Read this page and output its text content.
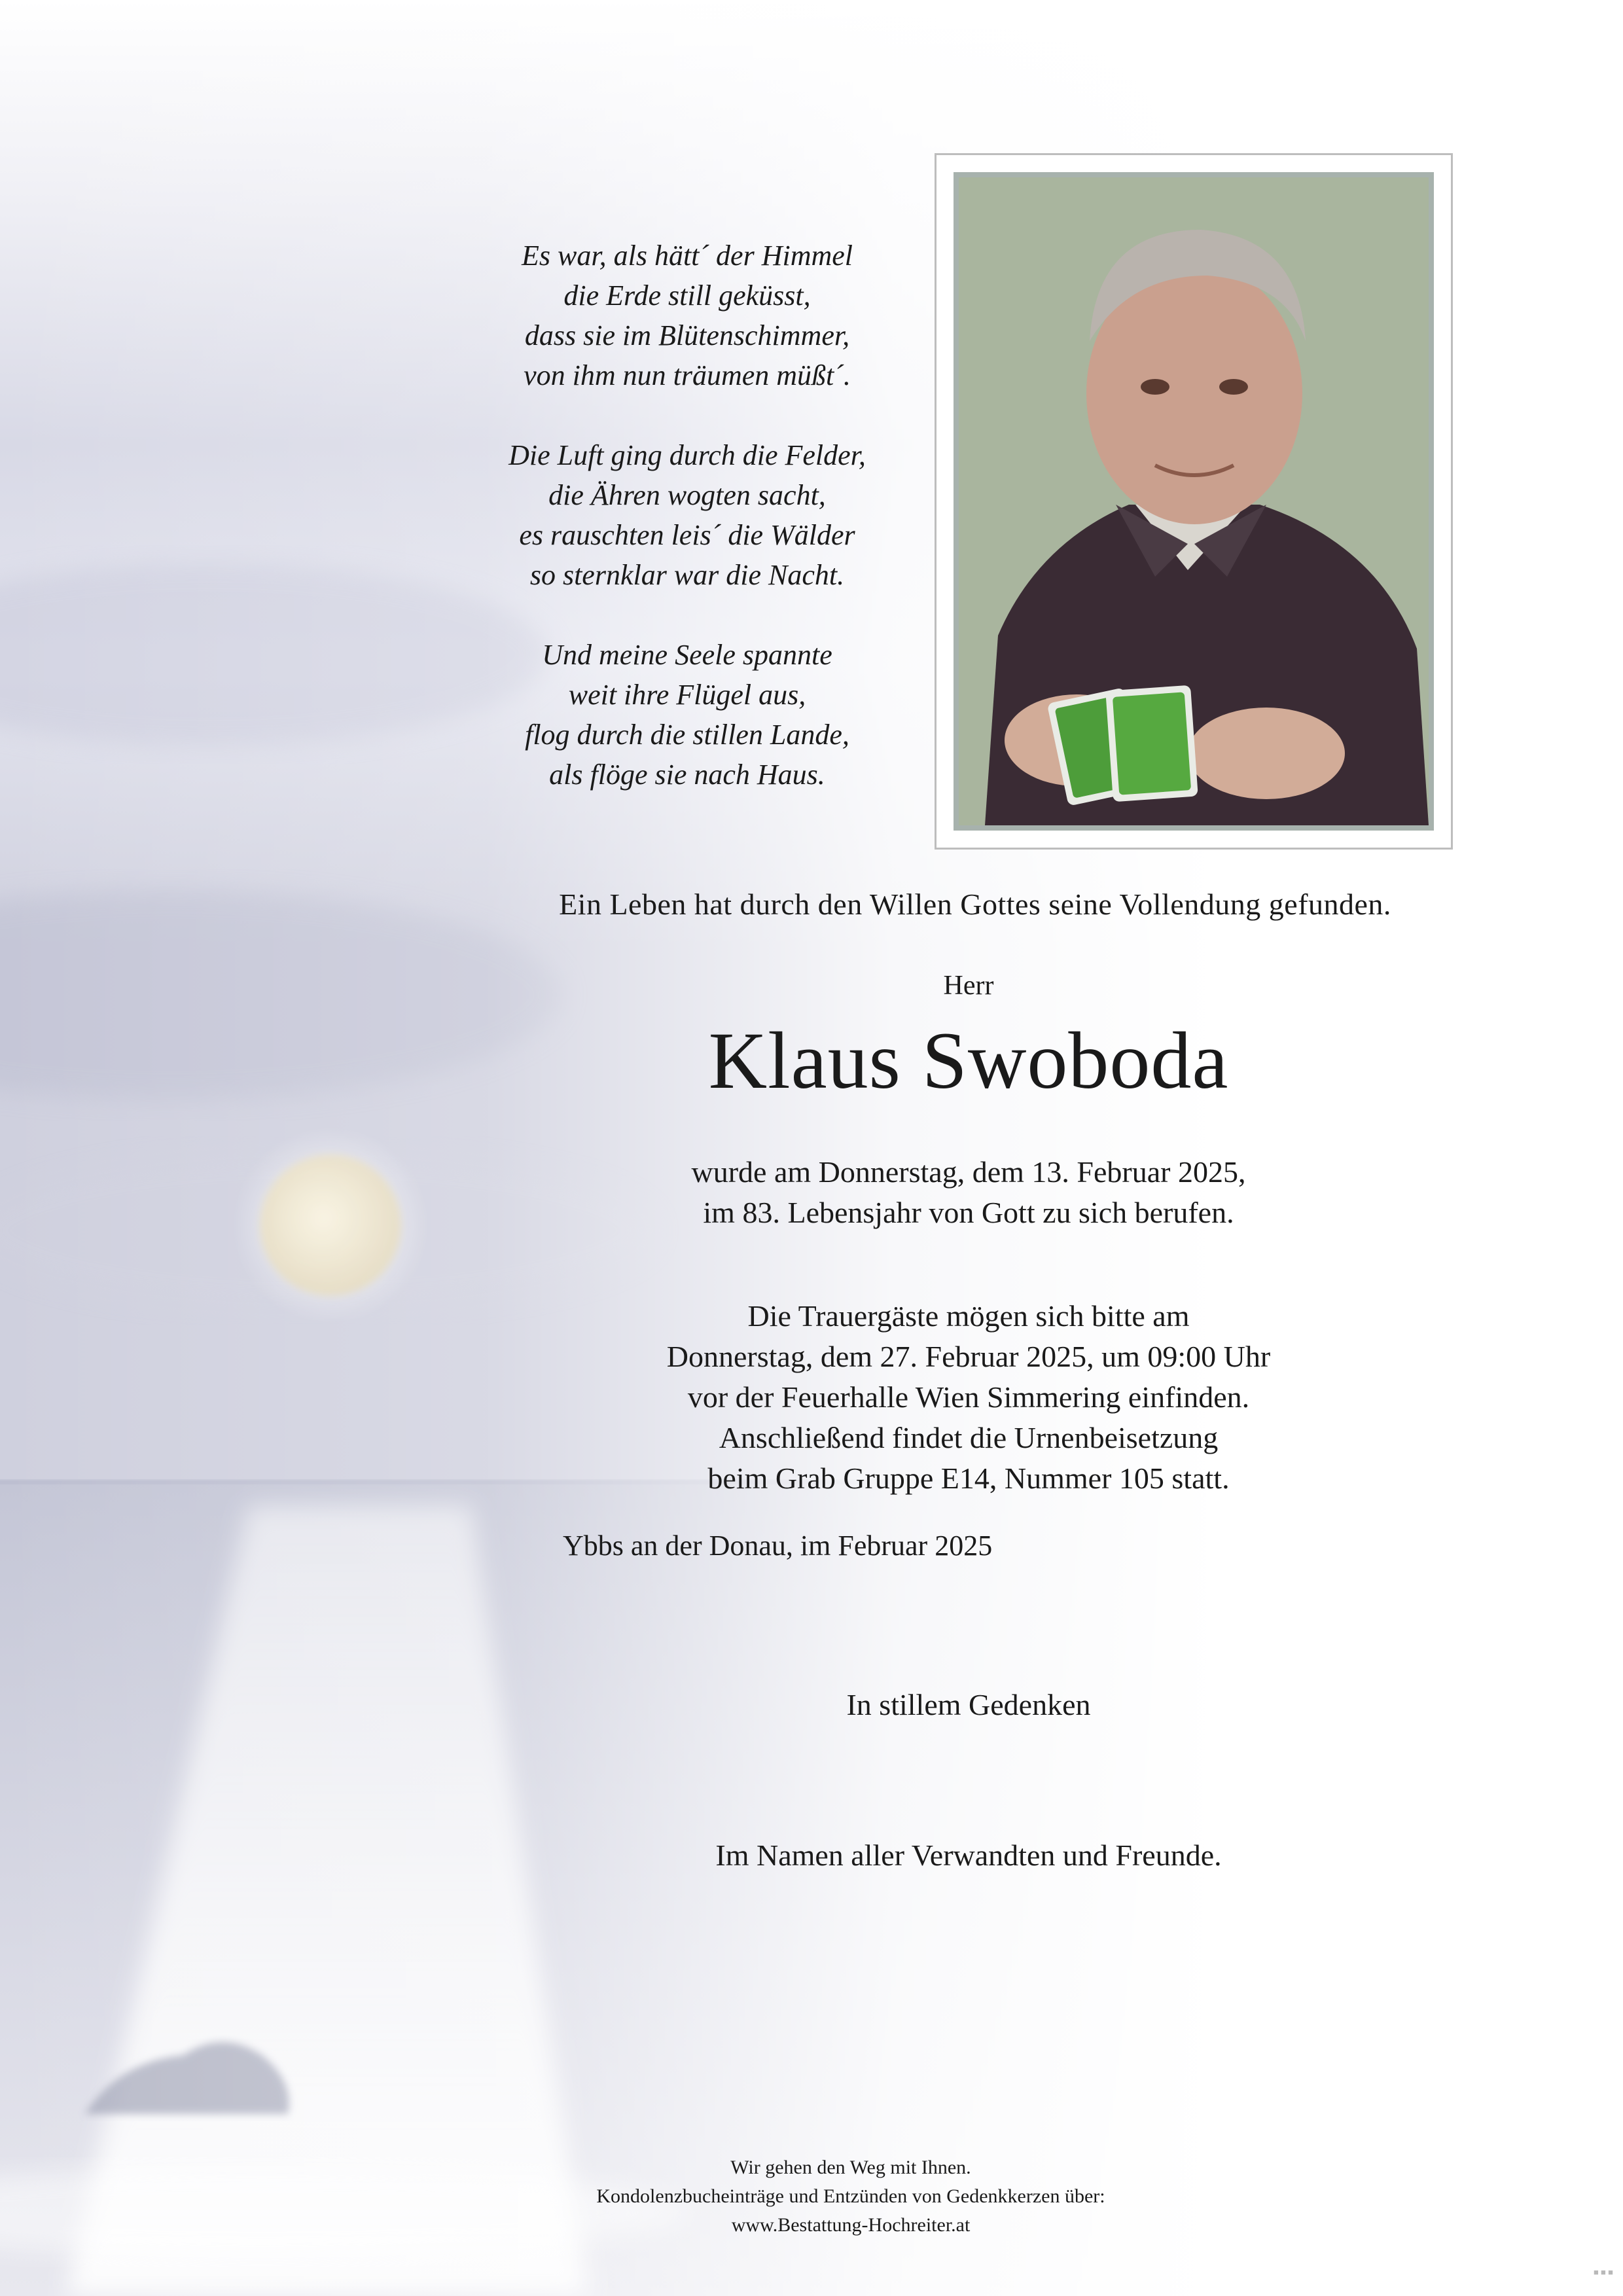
Es war, als hätt´ der Himmel
die Erde still geküsst,
dass sie im Blütenschimmer,
von ihm nun träumen müßt´.
Die Luft ging durch die Felder,
die Ähren wogten sacht,
es rauschten leis´ die Wälder
so sternklar war die Nacht.
Und meine Seele spannte
weit ihre Flügel aus,
flog durch die stillen Lande,
als flöge sie nach Haus.
Ein Leben hat durch den Willen Gottes seine Vollendung gefunden.
Herr
Klaus Swoboda
wurde am Donnerstag, dem 13. Februar 2025,
im 83. Lebensjahr von Gott zu sich berufen.
Die Trauergäste mögen sich bitte am
Donnerstag, dem 27. Februar 2025, um 09:00 Uhr
vor der Feuerhalle Wien Simmering einfinden.
Anschließend findet die Urnenbeisetzung
beim Grab Gruppe E14, Nummer 105 statt.
Ybbs an der Donau, im Februar 2025
In stillem Gedenken
Im Namen aller Verwandten und Freunde.
Wir gehen den Weg mit Ihnen.
Kondolenzbucheinträge und Entzünden von Gedenkkerzen über:
www.Bestattung-Hochreiter.at
■ ■ ■
